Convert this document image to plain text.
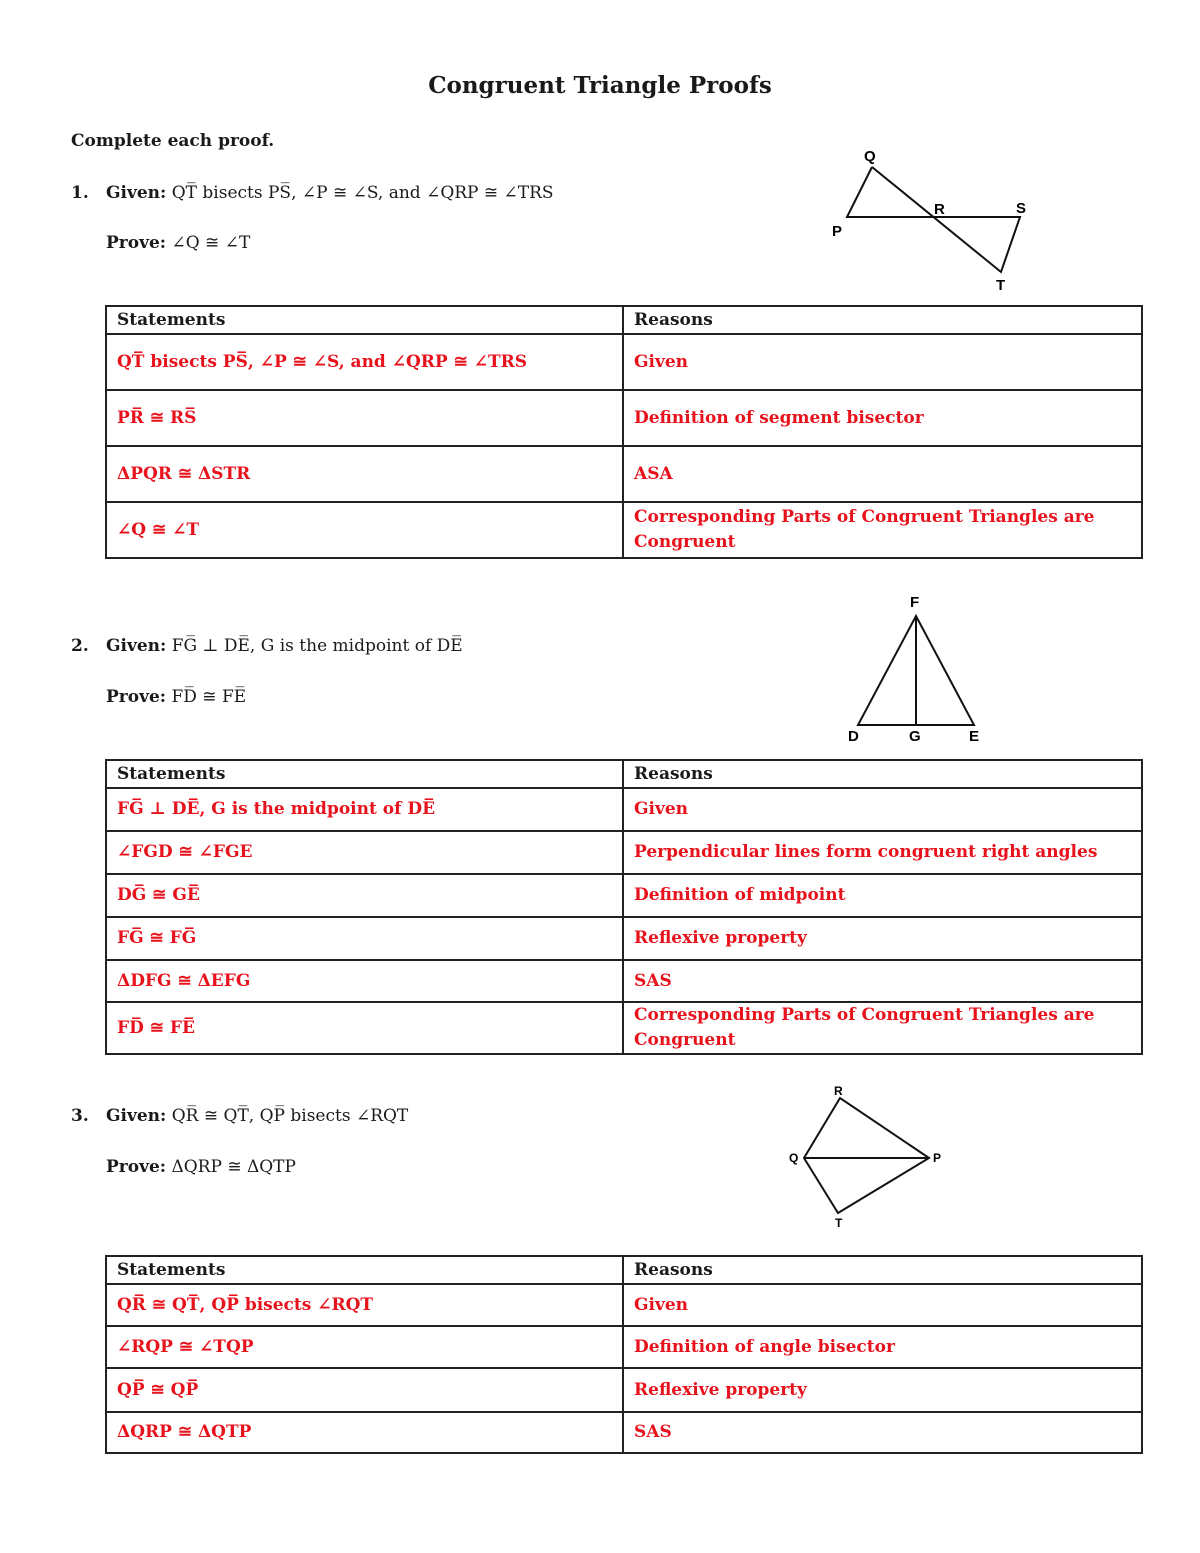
Congruent Triangle Proofs
Complete each proof.
1. Given: QT̅ bisects PS̅, ∠P ≅ ∠S, and ∠QRP ≅ ∠TRS
Prove: ∠Q ≅ ∠T
Q
R	S
P
T
Statements	Reasons
QT̅ bisects PS̅, ∠P ≅ ∠S, and ∠QRP ≅ ∠TRS	Given
PR̅ ≅ RS̅	Definition of segment bisector
ΔPQR ≅ ΔSTR	ASA
∠Q ≅ ∠T	Corresponding Parts of Congruent Triangles are Congruent
2. Given: FG̅ ⊥ DE̅, G is the midpoint of DE̅
Prove: FD̅ ≅ FE̅
F
D	G	E
Statements	Reasons
FG̅ ⊥ DE̅, G is the midpoint of DE̅	Given
∠FGD ≅ ∠FGE	Perpendicular lines form congruent right angles
DG̅ ≅ GE̅	Definition of midpoint
FG̅ ≅ FG̅	Reflexive property
ΔDFG ≅ ΔEFG	SAS
FD̅ ≅ FE̅	Corresponding Parts of Congruent Triangles are Congruent
3. Given: QR̅ ≅ QT̅, QP̅ bisects ∠RQT
Prove: ΔQRP ≅ ΔQTP
R
Q	P
T
Statements	Reasons
QR̅ ≅ QT̅, QP̅ bisects ∠RQT	Given
∠RQP ≅ ∠TQP	Definition of angle bisector
QP̅ ≅ QP̅	Reflexive property
ΔQRP ≅ ΔQTP	SAS
